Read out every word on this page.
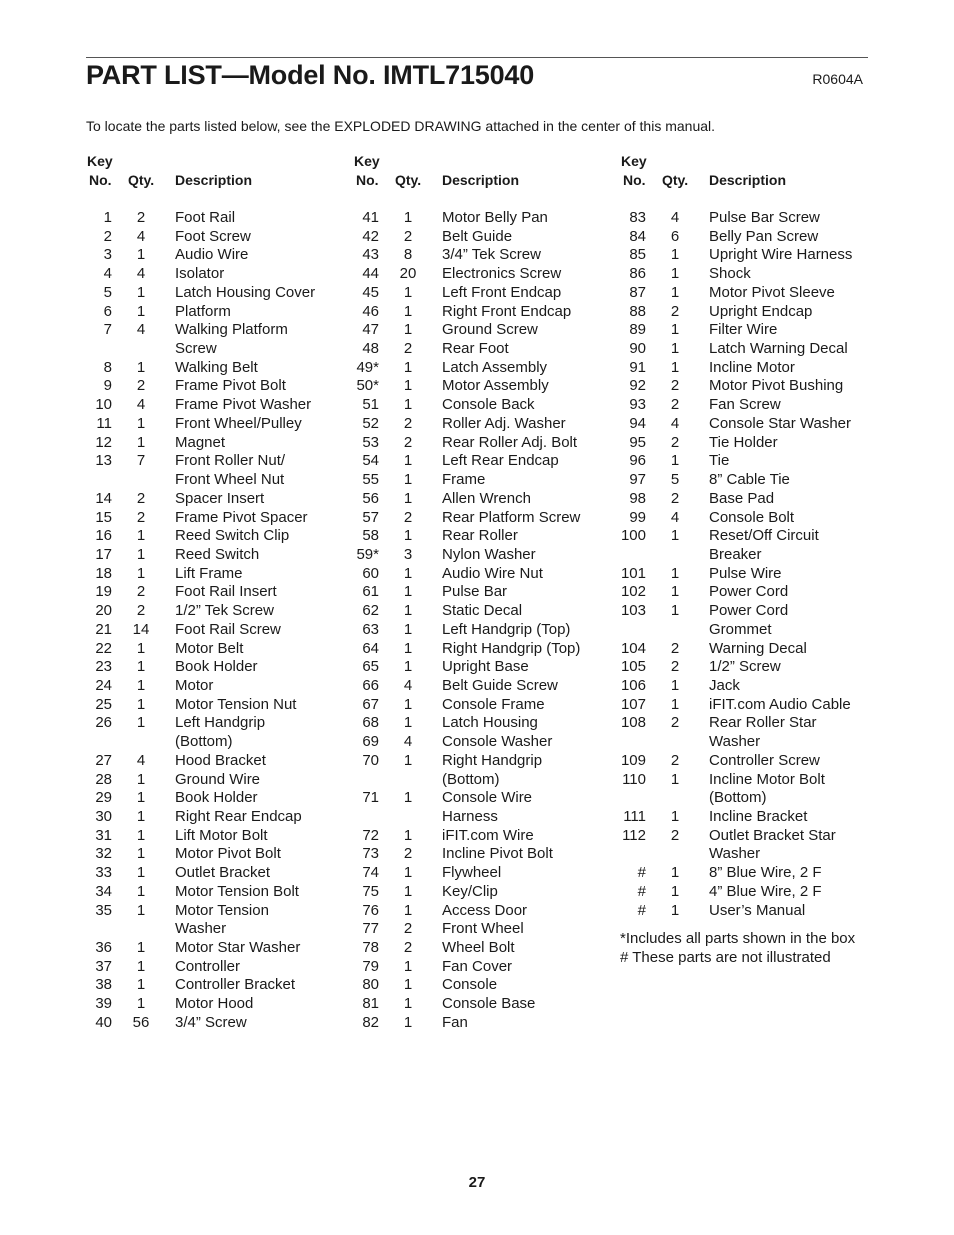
PART LIST—Model No. IMTL715040	R0604A
To locate the parts listed below, see the EXPLODED DRAWING attached in the center of this manual.
Key
No. Qty. Description
1	2	Foot Rail
2	4	Foot Screw
3	1	Audio Wire
4	4	Isolator
5	1	Latch Housing Cover
6	1	Platform
7	4	Walking Platform
Screw
8	1	Walking Belt
9	2	Frame Pivot Bolt
10	4	Frame Pivot Washer
11	1	Front Wheel/Pulley
12	1	Magnet
13	7	Front Roller Nut/
Front Wheel Nut
14	2	Spacer Insert
15	2	Frame Pivot Spacer
16	1	Reed Switch Clip
17	1	Reed Switch
18	1	Lift Frame
19	2	Foot Rail Insert
20	2	1/2” Tek Screw
21 14 Foot Rail Screw
22	1	Motor Belt
23	1	Book Holder
24	1	Motor
25	1	Motor Tension Nut
26	1	Left Handgrip
(Bottom)
27	4	Hood Bracket
28	1	Ground Wire
29	1	Book Holder
30	1	Right Rear Endcap
31	1	Lift Motor Bolt
32	1	Motor Pivot Bolt
33	1	Outlet Bracket
34	1	Motor Tension Bolt
35	1	Motor Tension
Washer
36	1	Motor Star Washer
37	1	Controller
38	1	Controller Bracket
39	1	Motor Hood
40 56 3/4” Screw
Key
No. Qty. Description
41	1	Motor Belly Pan
42	2	Belt Guide
43	8	3/4” Tek Screw
44 20 Electronics Screw
45	1	Left Front Endcap
46	1	Right Front Endcap
47	1	Ground Screw
48	2	Rear Foot
49*	1	Latch Assembly
50*	1	Motor Assembly
51	1	Console Back
52	2	Roller Adj. Washer
53	2	Rear Roller Adj. Bolt
54	1	Left Rear Endcap
55	1	Frame
56	1	Allen Wrench
57	2	Rear Platform Screw
58	1	Rear Roller
59*	3	Nylon Washer
60	1	Audio Wire Nut
61	1	Pulse Bar
62	1	Static Decal
63	1	Left Handgrip (Top)
64	1	Right Handgrip (Top)
65	1	Upright Base
66	4	Belt Guide Screw
67	1	Console Frame
68	1	Latch Housing
69	4	Console Washer
70	1	Right Handgrip
(Bottom)
71	1	Console Wire
Harness
72	1	iFIT.com Wire
73	2	Incline Pivot Bolt
74	1	Flywheel
75	1	Key/Clip
76	1	Access Door
77	2	Front Wheel
78	2	Wheel Bolt
79	1	Fan Cover
80	1	Console
81	1	Console Base
82	1	Fan
Key
No. Qty. Description
83	4	Pulse Bar Screw
84	6	Belly Pan Screw
85	1	Upright Wire Harness
86	1	Shock
87	1	Motor Pivot Sleeve
88	2	Upright Endcap
89	1	Filter Wire
90	1	Latch Warning Decal
91	1	Incline Motor
92	2	Motor Pivot Bushing
93	2	Fan Screw
94	4	Console Star Washer
95	2	Tie Holder
96	1	Tie
97	5	8” Cable Tie
98	2	Base Pad
99	4	Console Bolt
100	1	Reset/Off Circuit
Breaker
101	1	Pulse Wire
102	1	Power Cord
103	1	Power Cord
Grommet
104	2	Warning Decal
105	2	1/2” Screw
106	1	Jack
107	1	iFIT.com Audio Cable
108	2	Rear Roller Star
Washer
109	2	Controller Screw
110	1	Incline Motor Bolt
(Bottom)
111	1	Incline Bracket
112	2	Outlet Bracket Star
Washer
#	1	8” Blue Wire, 2 F
#	1	4” Blue Wire, 2 F
#	1	User’s Manual
*Includes all parts shown in the box
# These parts are not illustrated
27
